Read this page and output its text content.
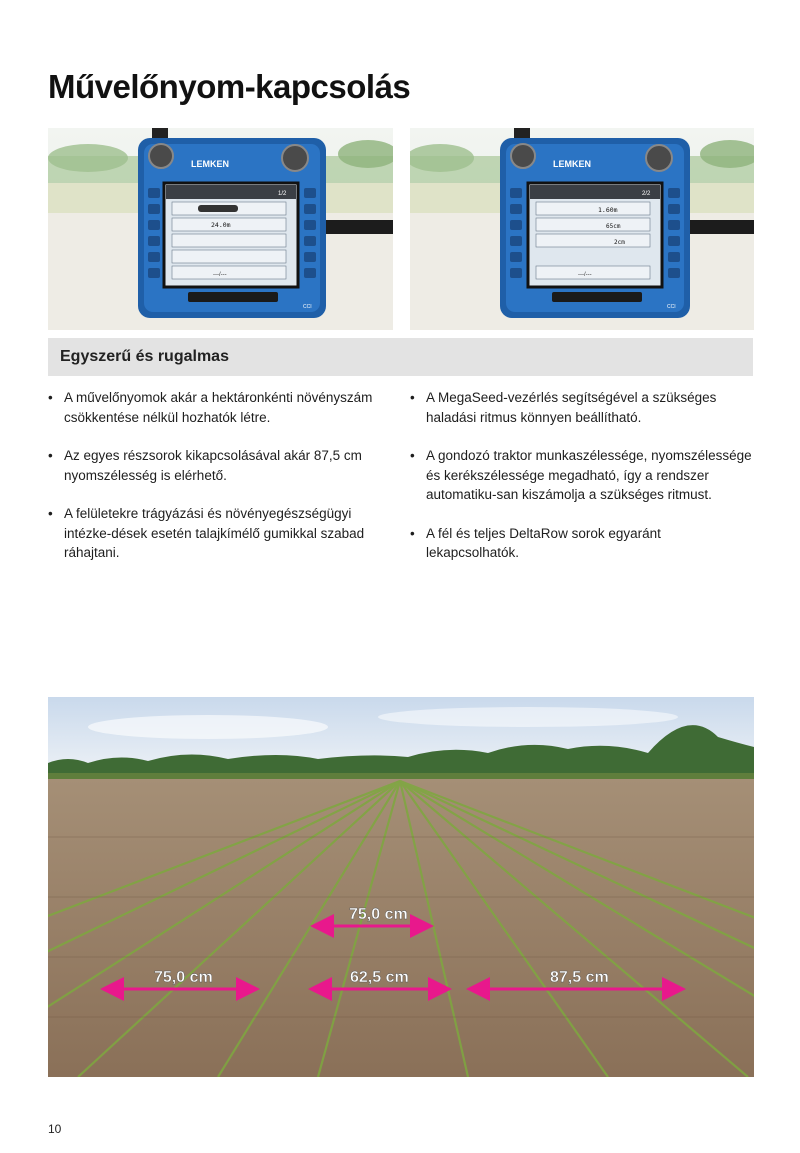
Művelőnyom-kapcsolás
LEMKEN
1/2
24.0m
---/---
CCI
LEMKEN
2/2
1.60m
65cm
2cm
---/---
CCI
Egyszerű és rugalmas
• A művelőnyomok akár a hektáronkénti növényszám csökkentése nélkül hozhatók létre.
• Az egyes részsorok kikapcsolásával akár 87,5 cm nyomszélesség is elérhető.
• A felületekre trágyázási és növényegészségügyi intézke-dések esetén talajkímélő gumikkal szabad ráhajtani.
• A MegaSeed-vezérlés segítségével a szükséges haladási ritmus könnyen beállítható.
• A gondozó traktor munkaszélessége, nyomszélessége és kerékszélessége megadható, így a rendszer automatiku-san kiszámolja a szükséges ritmust.
• A fél és teljes DeltaRow sorok egyaránt lekapcsolhatók.
75,0 cm
75,0 cm	62,5 cm	87,5 cm
10
